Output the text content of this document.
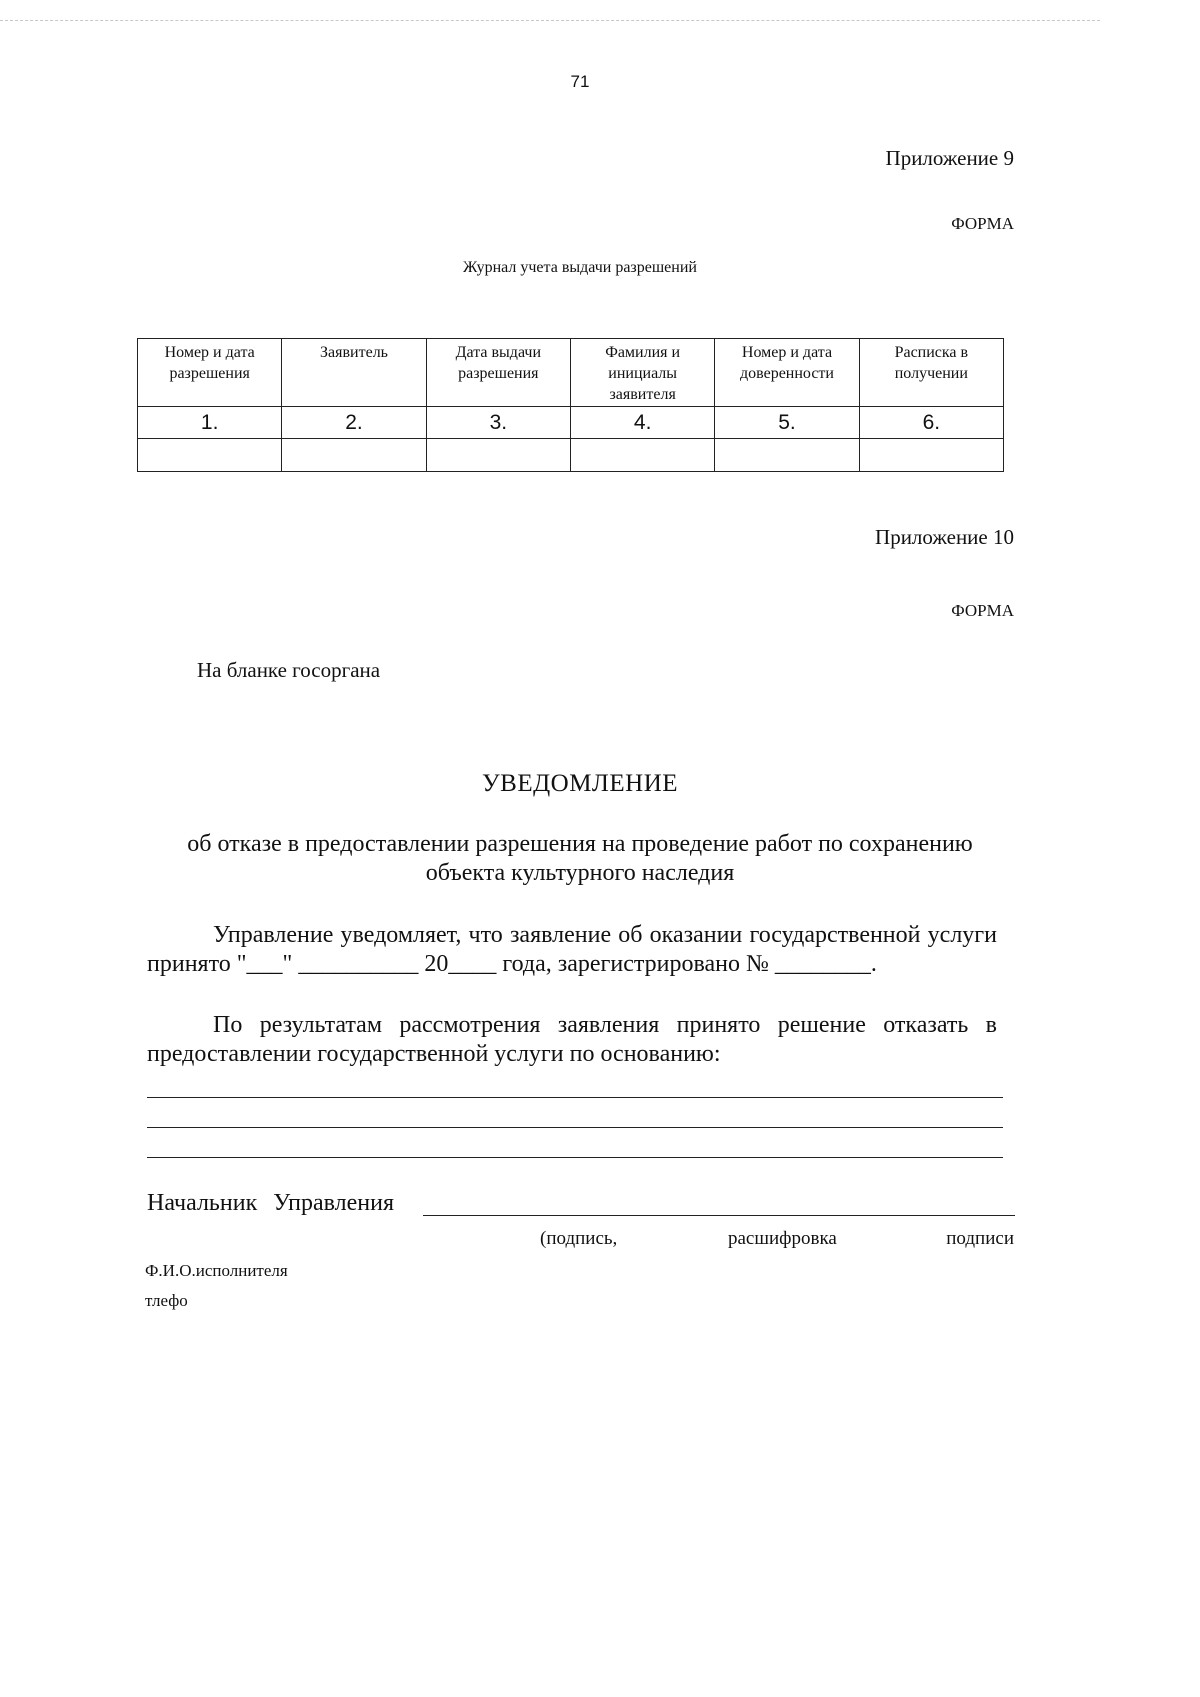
71
Приложение 9
ФОРМА
Журнал учета выдачи разрешений
Номер и дата разрешения	Заявитель	Дата выдачи разрешения	Фамилия и инициалы заявителя	Номер и дата доверенности	Расписка в получении
1.	2.	3.	4.	5.	6.

Приложение 10
ФОРМА
На бланке госоргана
УВЕДОМЛЕНИЕ
об отказе в предоставлении разрешения на проведение работ по сохранению объекта культурного наследия
Управление уведомляет, что заявление об оказании государственной услуги принято "___" __________ 20____ года, зарегистрировано № ________.
По результатам рассмотрения заявления принято решение отказать в предоставлении государственной услуги по основанию:
Начальник Управления
(подпись,	расшифровка	подписи
Ф.И.О.исполнителя
тлефо
